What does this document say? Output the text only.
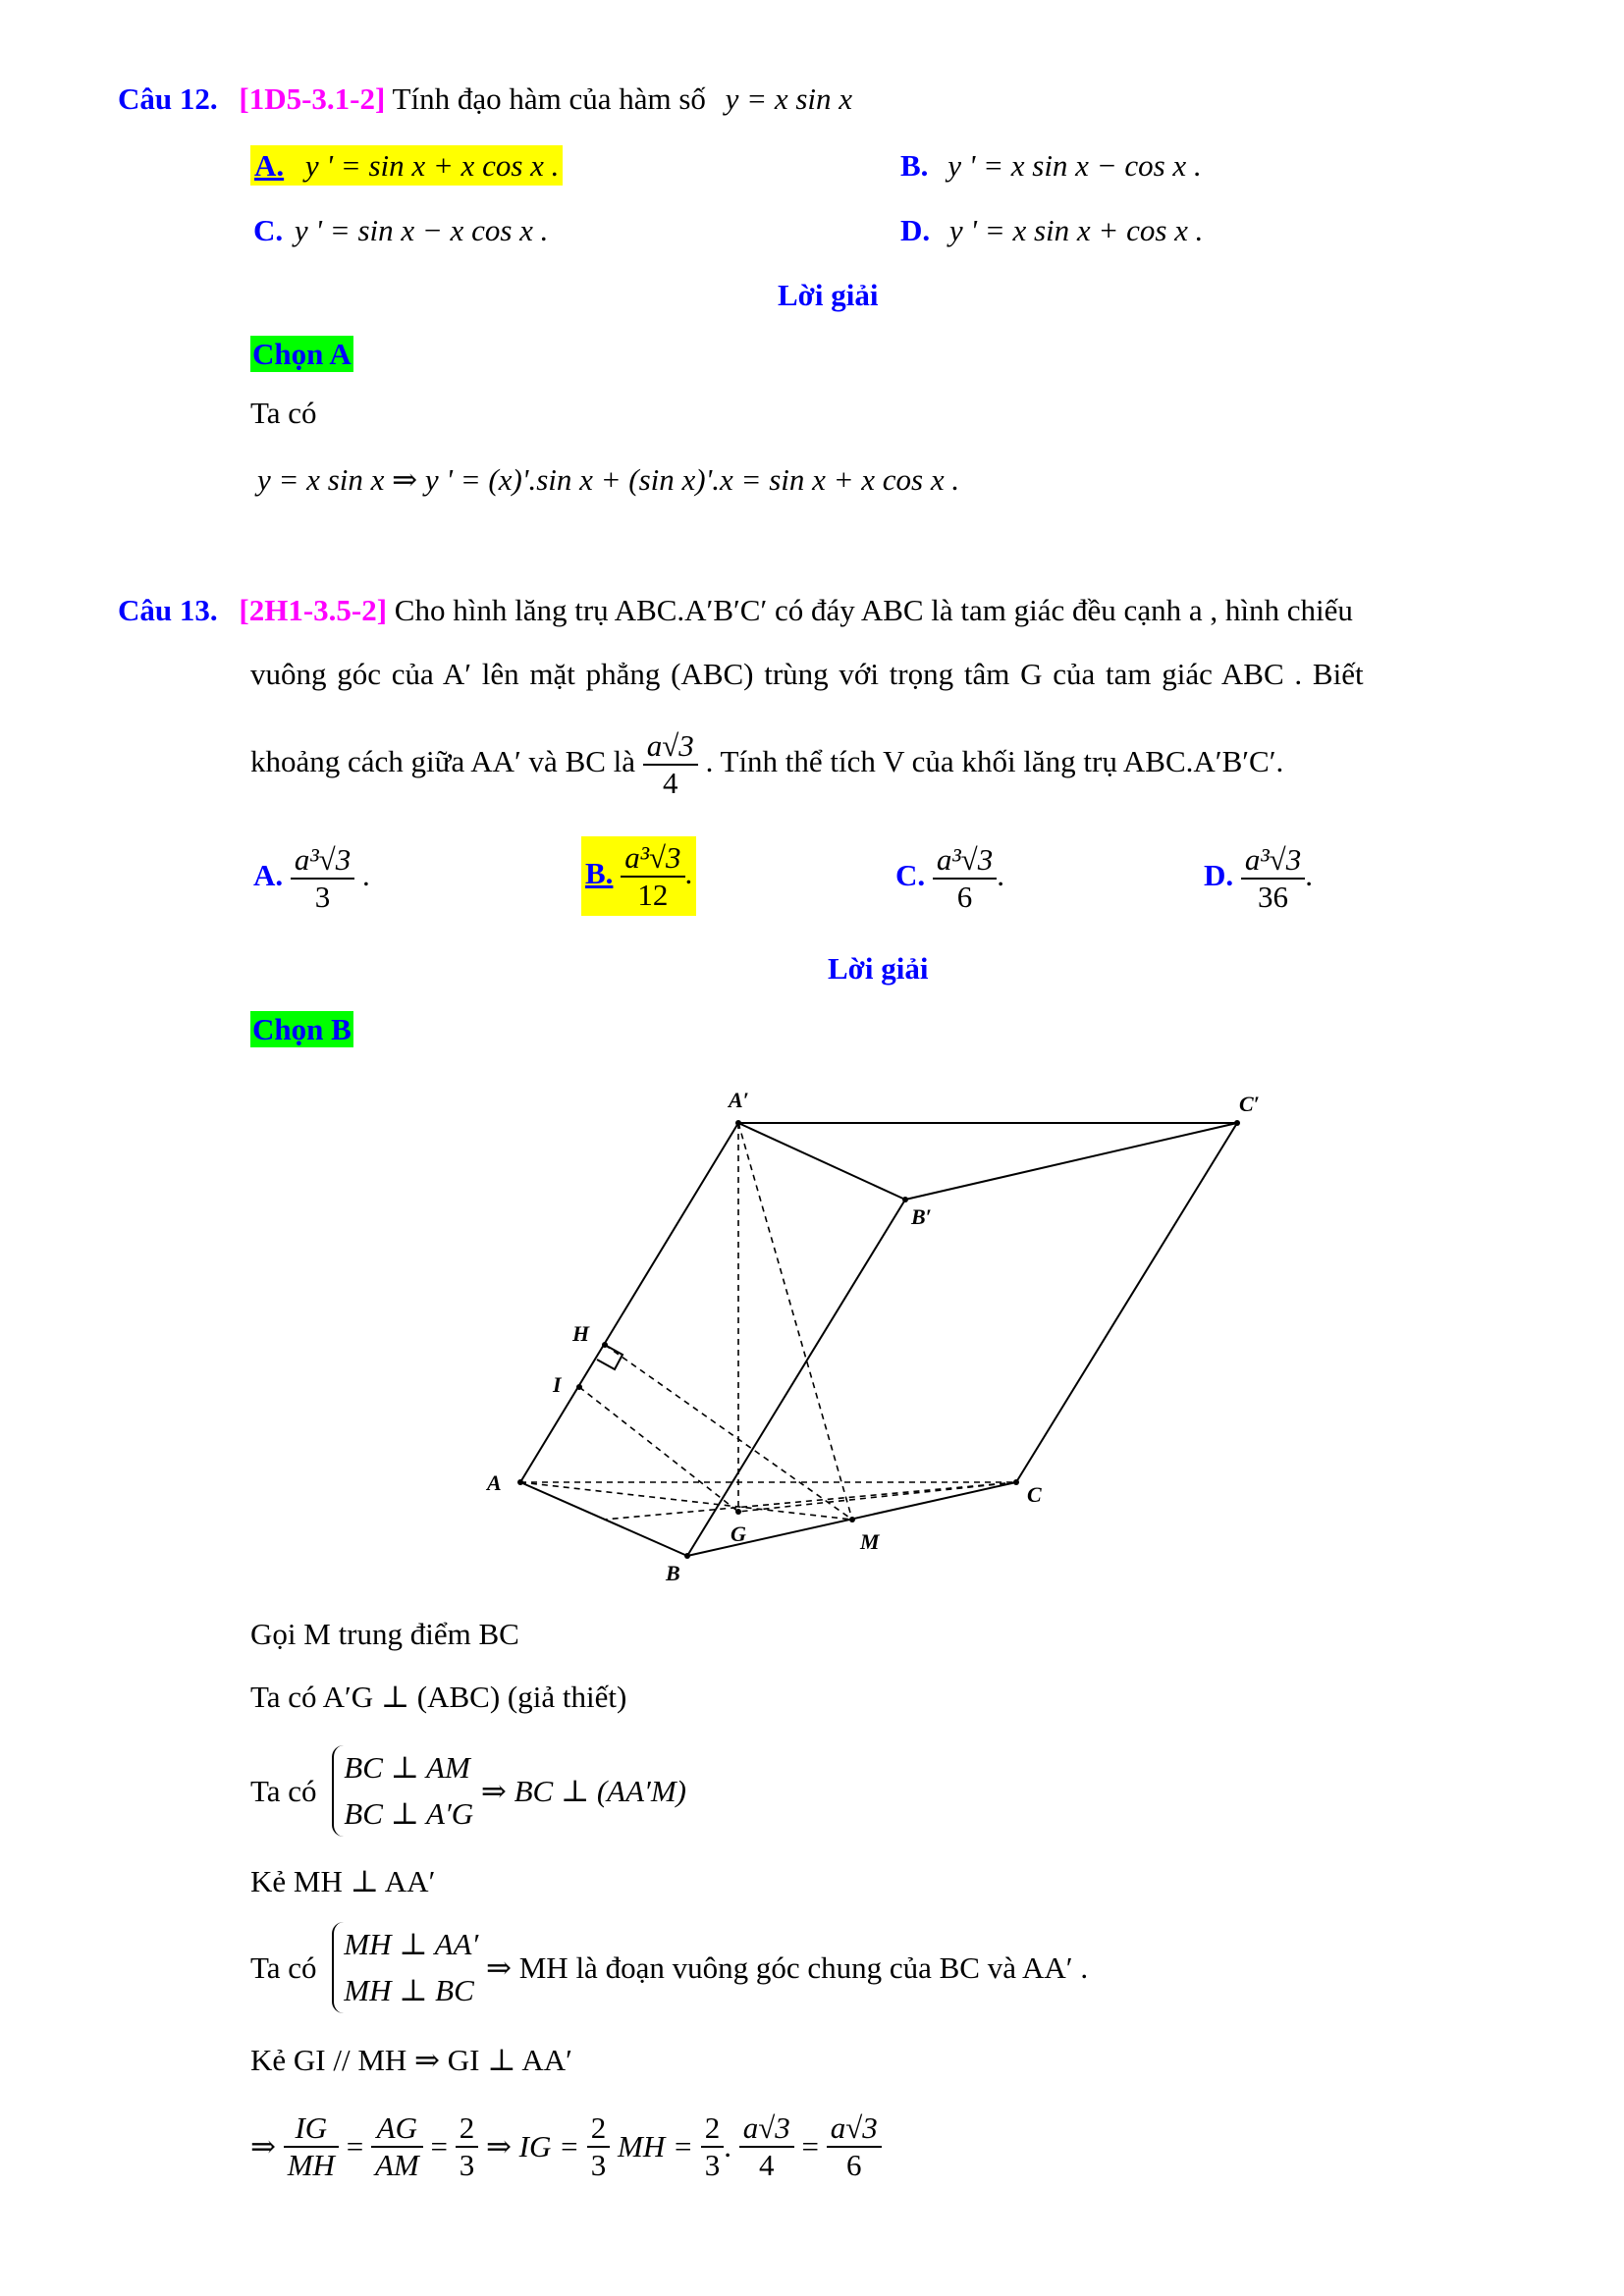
Câu 12. [1D5-3.1-2] Tính đạo hàm của hàm số y = x sin x
A. y ' = sin x + x cos x .	B. y ' = x sin x − cos x .
C. y ' = sin x − x cos x .	D. y ' = x sin x + cos x .
Lời giải
Chọn A
Ta có
y = x sin x ⇒ y ' = (x)'.sin x + (sin x)'.x = sin x + x cos x .
Câu 13. [2H1-3.5-2] Cho hình lăng trụ ABC.A′B′C′ có đáy ABC là tam giác đều cạnh a , hình chiếu
vuông góc của A′ lên mặt phẳng (ABC) trùng với trọng tâm G của tam giác ABC . Biết
khoảng cách giữa AA′ và BC là $\frac{a√3}{4}$ . Tính thể tích V của khối lăng trụ ABC.A′B′C′.
A. $\frac{\text{a³√3}}{3}$ .	B. $\frac{\text{a³√3}}{12}$ .	C. $\frac{\text{a³√3}}{6}$ .	D. $\frac{\text{a³√3}}{36}$ .
Lời giải
Chọn B
A′	C′
B′
H
I
A	C
G	M
B
Gọi M trung điểm BC
Ta có A′G ⊥ (ABC) (giả thiết)
Ta có
BC ⊥ AM
BC ⊥ A′G
⇒ BC ⊥ (AA′M)
Kẻ MH ⊥ AA′
Ta có
MH ⊥ AA′
MH ⊥ BC
⇒ MH là đoạn vuông góc chung của BC và AA′ .
Kẻ GI // MH ⇒ GI ⊥ AA′
⇒ $\frac{IG}{MH} = \frac{AG}{AM} = \frac{2}{3}$ ⇒ IG = $\frac{2}{3}$ MH = $\frac{2}{3}$ . $\frac{a√3}{4} = \frac{a√3}{6}$
